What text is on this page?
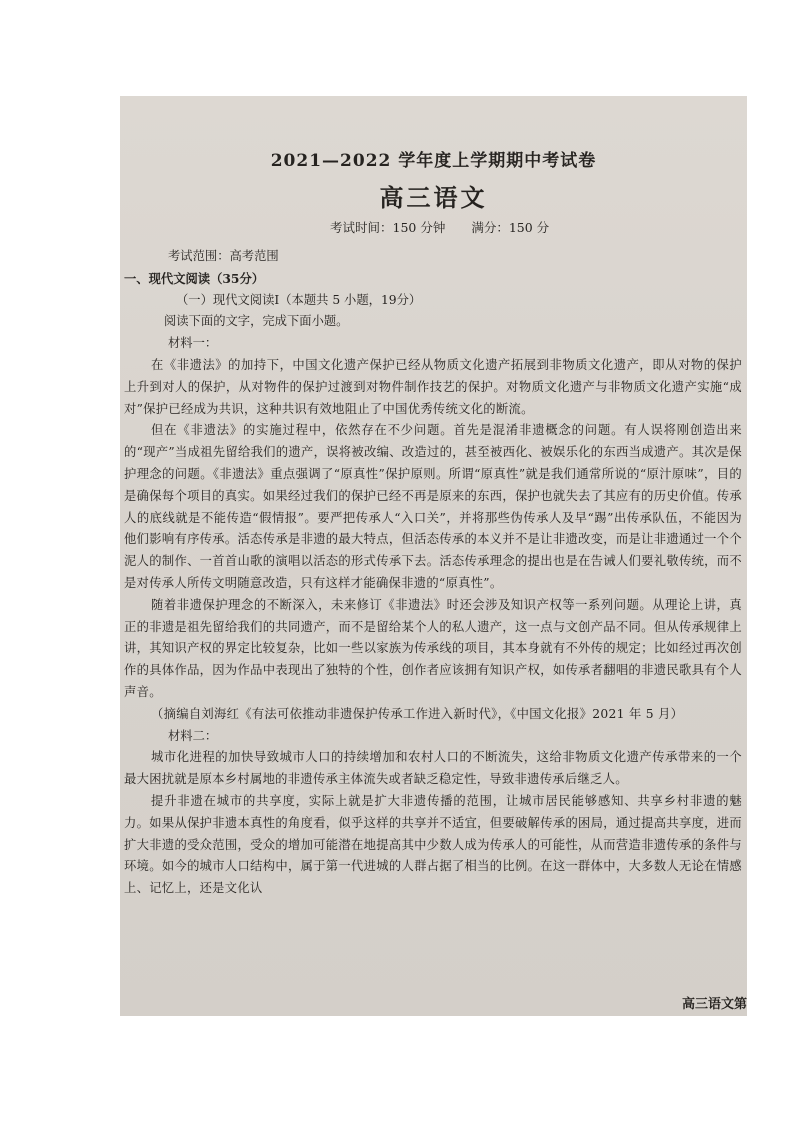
2021—2022 学年度上学期期中考试卷
高三语文
考试时间：150 分钟 满分：150 分

考试范围：高考范围

一、现代文阅读（35分）

（一）现代文阅读Ⅰ（本题共 5 小题，19分）

阅读下面的文字，完成下面小题。

材料一：

在《非遗法》的加持下，中国文化遗产保护已经从物质文化遗产拓展到非物质文化遗产，即从对物的保护上升到对人的保护，从对物件的保护过渡到对物件制作技艺的保护。对物质文化遗产与非物质文化遗产实施“成对”保护已经成为共识，这种共识有效地阻止了中国优秀传统文化的断流。

但在《非遗法》的实施过程中，依然存在不少问题。首先是混淆非遗概念的问题。有人误将刚创造出来的“现产”当成祖先留给我们的遗产，误将被改编、改造过的，甚至被西化、被娱乐化的东西当成遗产。其次是保护理念的问题。《非遗法》重点强调了“原真性”保护原则。所谓“原真性”就是我们通常所说的“原汁原味”，目的是确保每个项目的真实。如果经过我们的保护已经不再是原来的东西，保护也就失去了其应有的历史价值。传承人的底线就是不能传造“假情报”。要严把传承人“入口关”，并将那些伪传承人及早“踢”出传承队伍，不能因为他们影响有序传承。活态传承是非遗的最大特点，但活态传承的本义并不是让非遗改变，而是让非遗通过一个个泥人的制作、一首首山歌的演唱以活态的形式传承下去。活态传承理念的提出也是在告诫人们要礼敬传统，而不是对传承人所传文明随意改造，只有这样才能确保非遗的“原真性”。

随着非遗保护理念的不断深入，未来修订《非遗法》时还会涉及知识产权等一系列问题。从理论上讲，真正的非遗是祖先留给我们的共同遗产，而不是留给某个人的私人遗产，这一点与文创产品不同。但从传承规律上讲，其知识产权的界定比较复杂，比如一些以家族为传承线的项目，其本身就有不外传的规定；比如经过再次创作的具体作品，因为作品中表现出了独特的个性，创作者应该拥有知识产权，如传承者翻唱的非遗民歌具有个人声音。

（摘编自刘海红《有法可依推动非遗保护传承工作进入新时代》，《中国文化报》2021 年 5 月）

材料二：

城市化进程的加快导致城市人口的持续增加和农村人口的不断流失，这给非物质文化遗产传承带来的一个最大困扰就是原本乡村属地的非遗传承主体流失或者缺乏稳定性，导致非遗传承后继乏人。

提升非遗在城市的共享度，实际上就是扩大非遗传播的范围，让城市居民能够感知、共享乡村非遗的魅力。如果从保护非遗本真性的角度看，似乎这样的共享并不适宜，但要破解传承的困局，通过提高共享度，进而扩大非遗的受众范围，受众的增加可能潜在地提高其中少数人成为传承人的可能性，从而营造非遗传承的条件与环境。如今的城市人口结构中，属于第一代进城的人群占据了相当的比例。在这一群体中，大多数人无论在情感上、记忆上，还是文化认

高三语文第
